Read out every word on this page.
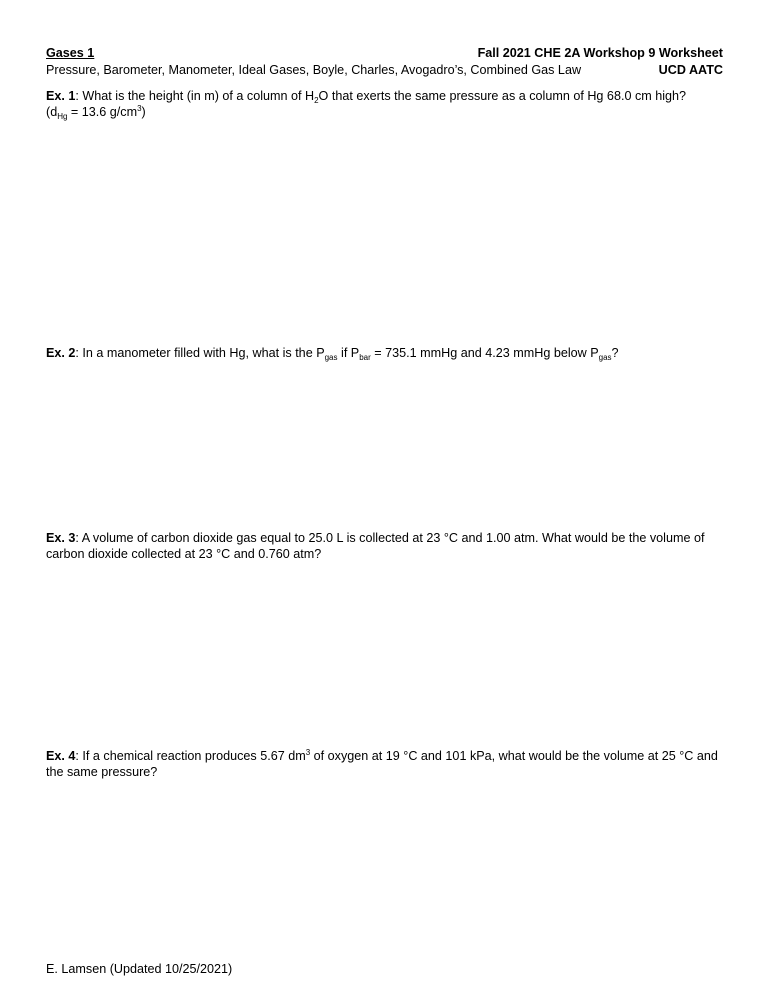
Gases 1	Fall 2021 CHE 2A Workshop 9 Worksheet
Pressure, Barometer, Manometer, Ideal Gases, Boyle, Charles, Avogadro’s, Combined Gas Law	UCD AATC

Ex. 1: What is the height (in m) of a column of $H_2O$ that exerts the same pressure as a column of Hg 68.0 cm high?
($d_{Hg} = 13.6$ $g/cm^3$)

Ex. 2: In a manometer filled with Hg, what is the $P_{gas}$ if $P_{bar} = 735.1$ mmHg and 4.23 mmHg below $P_{gas}$?

Ex. 3: A volume of carbon dioxide gas equal to 25.0 L is collected at 23 °C and 1.00 atm. What would be the volume of carbon dioxide collected at 23 °C and 0.760 atm?

Ex. 4: If a chemical reaction produces 5.67 $dm^3$ of oxygen at 19 °C and 101 kPa, what would be the volume at 25 °C and the same pressure?

E. Lamsen (Updated 10/25/2021)
